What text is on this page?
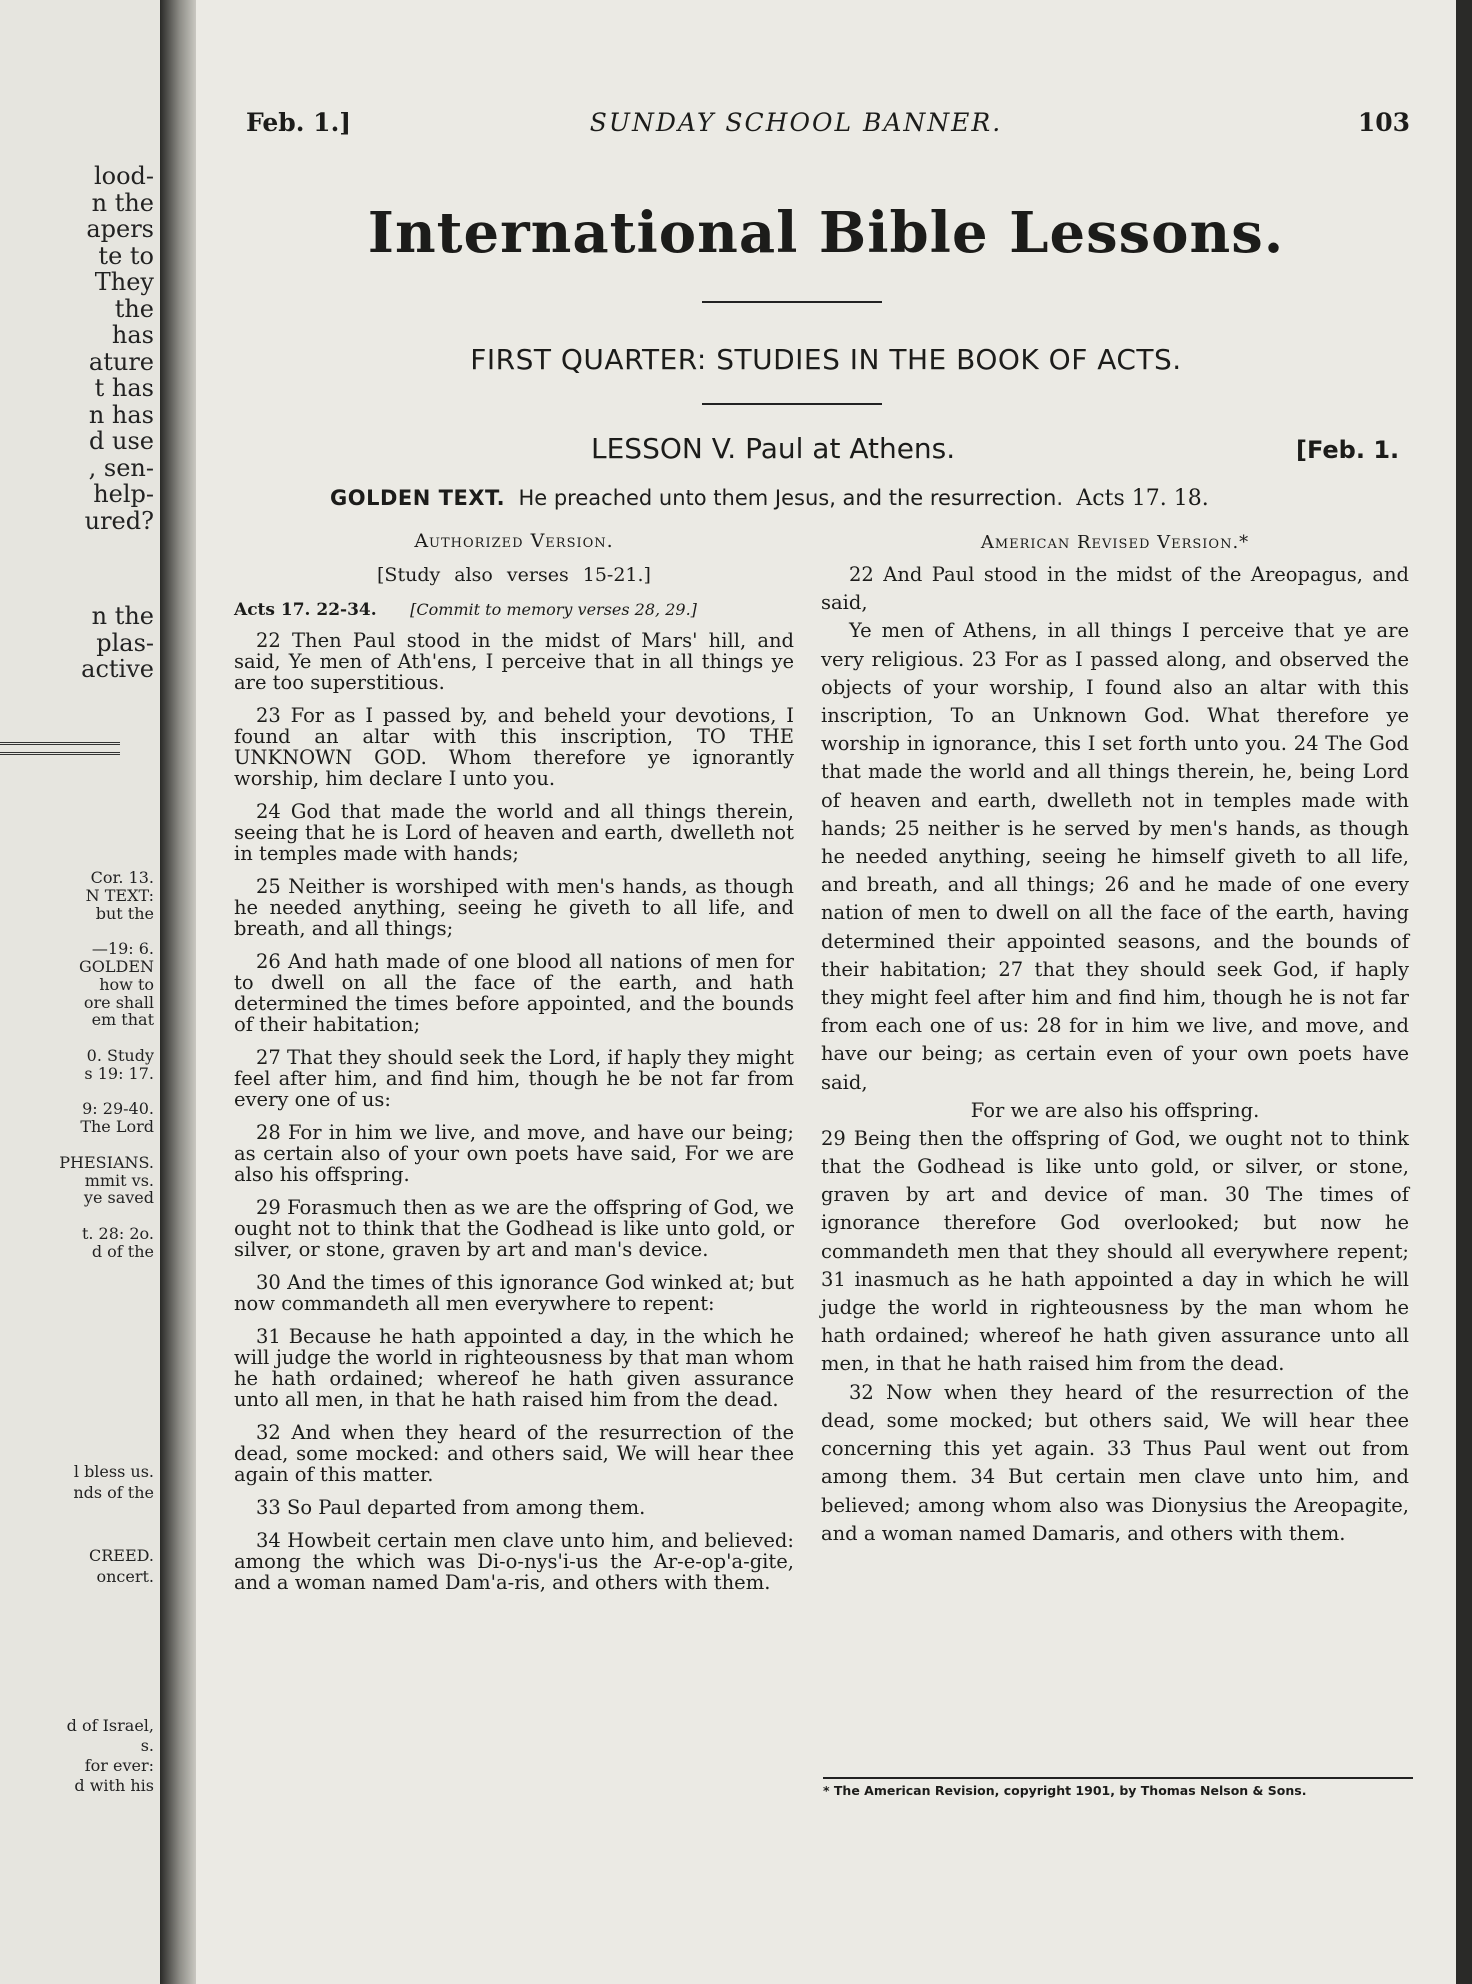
lood-
n the
apers
te to
They
the
has
ature
t has
n has
d use
, sen-
help-
ured?
n the
plas-
active
Cor. 13.
N TEXT:
but the
—19: 6.
GOLDEN
how to
ore shall
em that
0. Study
s 19: 17.
9: 29-40.
The Lord
PHESIANS.
mmit vs.
ye saved
t. 28: 2o.
d of the
l bless us.
nds of the
CREED.
oncert.
d of Israel,
s.
for ever:
d with his
Feb. 1.]	SUNDAY SCHOOL BANNER.	103
International Bible Lessons.
FIRST QUARTER: STUDIES IN THE BOOK OF ACTS.
LESSON V. Paul at Athens.	[Feb. 1.
GOLDEN TEXT. He preached unto them Jesus, and the resurrection. Acts 17. 18.
Authorized Version.
[Study also verses 15-21.]
Acts 17. 22-34. [Commit to memory verses 28, 29.]

22 Then Paul stood in the midst of Mars' hill, and said, Ye men of Ath'ens, I perceive that in all things ye are too superstitious.

23 For as I passed by, and beheld your devotions, I found an altar with this inscription, TO THE UNKNOWN GOD. Whom therefore ye ignorantly worship, him declare I unto you.

24 God that made the world and all things therein, seeing that he is Lord of heaven and earth, dwelleth not in temples made with hands;

25 Neither is worshiped with men's hands, as though he needed anything, seeing he giveth to all life, and breath, and all things;

26 And hath made of one blood all nations of men for to dwell on all the face of the earth, and hath determined the times before appointed, and the bounds of their habitation;

27 That they should seek the Lord, if haply they might feel after him, and find him, though he be not far from every one of us:

28 For in him we live, and move, and have our being; as certain also of your own poets have said, For we are also his offspring.

29 Forasmuch then as we are the offspring of God, we ought not to think that the Godhead is like unto gold, or silver, or stone, graven by art and man's device.

30 And the times of this ignorance God winked at; but now commandeth all men everywhere to repent:

31 Because he hath appointed a day, in the which he will judge the world in righteousness by that man whom he hath ordained; whereof he hath given assurance unto all men, in that he hath raised him from the dead.

32 And when they heard of the resurrection of the dead, some mocked: and others said, We will hear thee again of this matter.

33 So Paul departed from among them.

34 Howbeit certain men clave unto him, and believed: among the which was Di-o-nys'i-us the Ar-e-op'a-gite, and a woman named Dam'a-ris, and others with them.

American Revised Version.*

22 And Paul stood in the midst of the Areopagus, and said,

Ye men of Athens, in all things I perceive that ye are very religious. 23 For as I passed along, and observed the objects of your worship, I found also an altar with this inscription, To an Unknown God. What therefore ye worship in ignorance, this I set forth unto you. 24 The God that made the world and all things therein, he, being Lord of heaven and earth, dwelleth not in temples made with hands; 25 neither is he served by men's hands, as though he needed anything, seeing he himself giveth to all life, and breath, and all things; 26 and he made of one every nation of men to dwell on all the face of the earth, having determined their appointed seasons, and the bounds of their habitation; 27 that they should seek God, if haply they might feel after him and find him, though he is not far from each one of us: 28 for in him we live, and move, and have our being; as certain even of your own poets have said,

For we are also his offspring.

29 Being then the offspring of God, we ought not to think that the Godhead is like unto gold, or silver, or stone, graven by art and device of man. 30 The times of ignorance therefore God overlooked; but now he commandeth men that they should all everywhere repent; 31 inasmuch as he hath appointed a day in which he will judge the world in righteousness by the man whom he hath ordained; whereof he hath given assurance unto all men, in that he hath raised him from the dead.

32 Now when they heard of the resurrection of the dead, some mocked; but others said, We will hear thee concerning this yet again. 33 Thus Paul went out from among them. 34 But certain men clave unto him, and believed; among whom also was Dionysius the Areopagite, and a woman named Damaris, and others with them.

* The American Revision, copyright 1901, by Thomas Nelson & Sons.
